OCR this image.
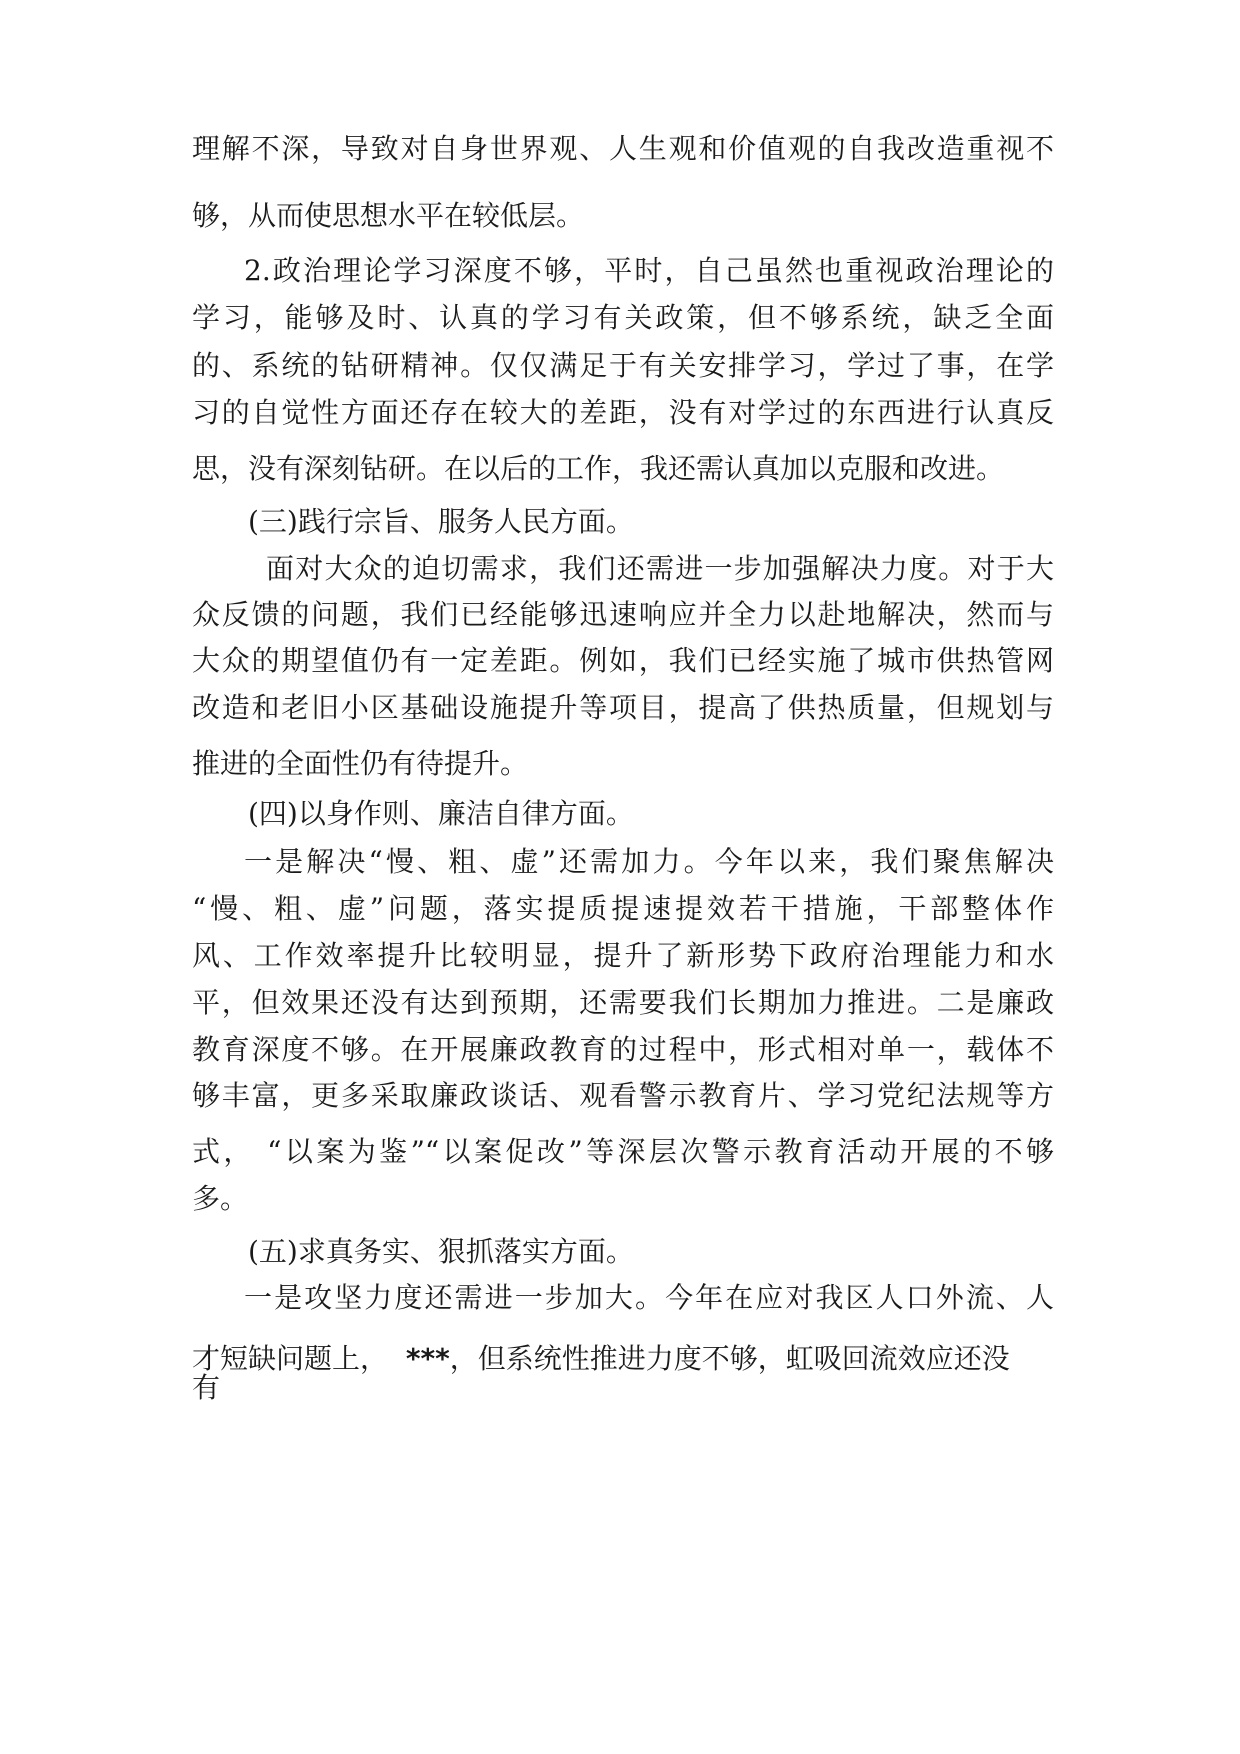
理解不深，导致对自身世界观、人生观和价值观的自我改造重视不
够，从而使思想水平在较低层。
2.政治理论学习深度不够，平时，自己虽然也重视政治理论的
学习，能够及时、认真的学习有关政策，但不够系统，缺乏全面
的、系统的钻研精神。仅仅满足于有关安排学习，学过了事，在学
习的自觉性方面还存在较大的差距，没有对学过的东西进行认真反
思，没有深刻钻研。在以后的工作，我还需认真加以克服和改进。
(三)践行宗旨、服务人民方面。
面对大众的迫切需求，我们还需进一步加强解决力度。对于大
众反馈的问题，我们已经能够迅速响应并全力以赴地解决，然而与
大众的期望值仍有一定差距。例如，我们已经实施了城市供热管网
改造和老旧小区基础设施提升等项目，提高了供热质量，但规划与
推进的全面性仍有待提升。
(四)以身作则、廉洁自律方面。
一是解决“慢、粗、虚”还需加力。今年以来，我们聚焦解决
“慢、粗、虚”问题，落实提质提速提效若干措施，干部整体作
风、工作效率提升比较明显，提升了新形势下政府治理能力和水
平，但效果还没有达到预期，还需要我们长期加力推进。二是廉政
教育深度不够。在开展廉政教育的过程中，形式相对单一，载体不
够丰富，更多采取廉政谈话、观看警示教育片、学习党纪法规等方
式， “以案为鉴”“以案促改”等深层次警示教育活动开展的不够
多。
(五)求真务实、狠抓落实方面。
一是攻坚力度还需进一步加大。今年在应对我区人口外流、人
才短缺问题上， ***，但系统性推进力度不够，虹吸回流效应还没
有
